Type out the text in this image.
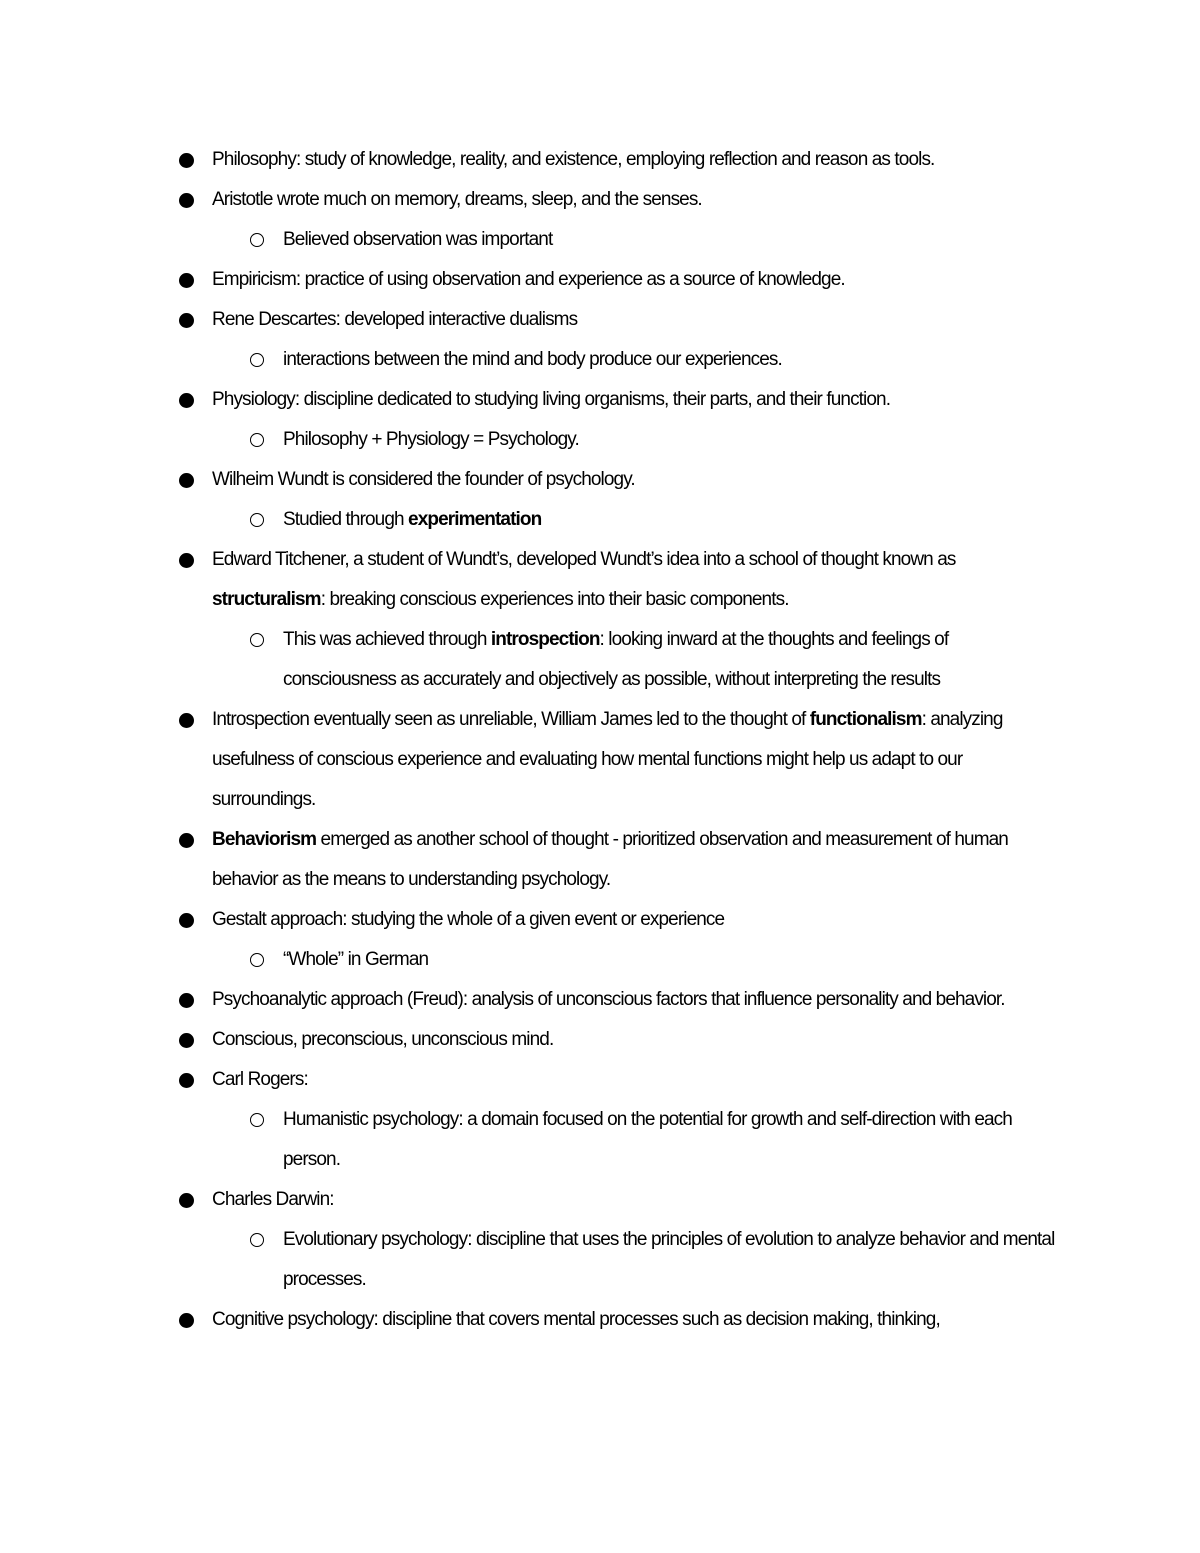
Philosophy: study of knowledge, reality, and existence, employing reflection and reason as tools.
Aristotle wrote much on memory, dreams, sleep, and the senses.
Believed observation was important
Empiricism: practice of using observation and experience as a source of knowledge.
Rene Descartes: developed interactive dualisms
interactions between the mind and body produce our experiences.
Physiology: discipline dedicated to studying living organisms, their parts, and their function.
Philosophy + Physiology = Psychology.
Wilheim Wundt is considered the founder of psychology.
Studied through experimentation
Edward Titchener, a student of Wundt’s, developed Wundt’s idea into a school of thought known as structuralism: breaking conscious experiences into their basic components.
This was achieved through introspection: looking inward at the thoughts and feelings of consciousness as accurately and objectively as possible, without interpreting the results
Introspection eventually seen as unreliable, William James led to the thought of functionalism: analyzing usefulness of conscious experience and evaluating how mental functions might help us adapt to our surroundings.
Behaviorism emerged as another school of thought - prioritized observation and measurement of human behavior as the means to understanding psychology.
Gestalt approach: studying the whole of a given event or experience
“Whole” in German
Psychoanalytic approach (Freud): analysis of unconscious factors that influence personality and behavior.
Conscious, preconscious, unconscious mind.
Carl Rogers:
Humanistic psychology: a domain focused on the potential for growth and self-direction with each person.
Charles Darwin:
Evolutionary psychology: discipline that uses the principles of evolution to analyze behavior and mental processes.
Cognitive psychology: discipline that covers mental processes such as decision making, thinking,
